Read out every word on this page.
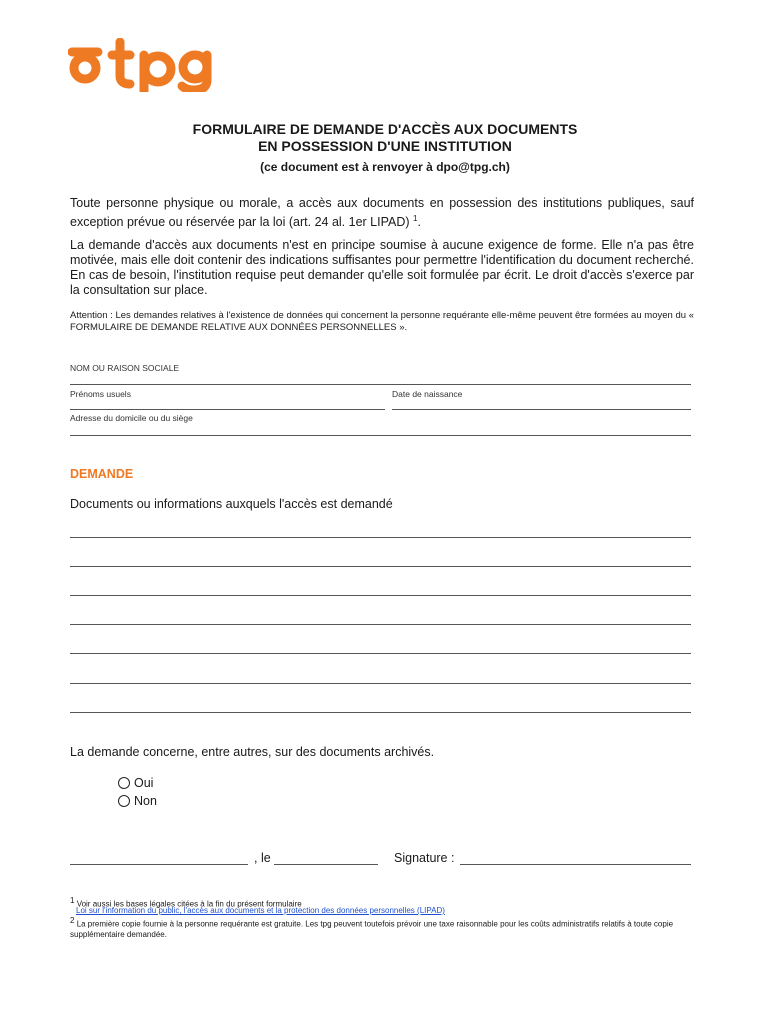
FORMULAIRE DE DEMANDE D'ACCÈS AUX DOCUMENTS
EN POSSESSION D'UNE INSTITUTION
(ce document est à renvoyer à dpo@tpg.ch)
Toute personne physique ou morale, a accès aux documents en possession des institutions publiques, sauf exception prévue ou réservée par la loi (art. 24 al. 1er LIPAD) $^1$.
La demande d'accès aux documents n'est en principe soumise à aucune exigence de forme. Elle n'a pas être motivée, mais elle doit contenir des indications suffisantes pour permettre l'identification du document recherché. En cas de besoin, l'institution requise peut demander qu'elle soit formulée par écrit. Le droit d'accès s'exerce par la consultation sur place.
Attention : Les demandes relatives à l'existence de données qui concernent la personne requérante elle-même peuvent être formées au moyen du « FORMULAIRE DE DEMANDE RELATIVE AUX DONNÉES PERSONNELLES ».
NOM OU RAISON SOCIALE
Prénoms usuels	Date de naissance
Adresse du domicile ou du siège
DEMANDE
Documents ou informations auxquels l'accès est demandé
La demande concerne, entre autres, sur des documents archivés.
Oui
Non
, le	Signature :
$^1$ Voir aussi les bases légales citées à la fin du présent formulaire
Loi sur l'information du public, l'accès aux documents et la protection des données personnelles (LIPAD)
$^2$ La première copie fournie à la personne requérante est gratuite. Les tpg peuvent toutefois prévoir une taxe raisonnable pour les coûts administratifs relatifs à toute copie supplémentaire demandée.
